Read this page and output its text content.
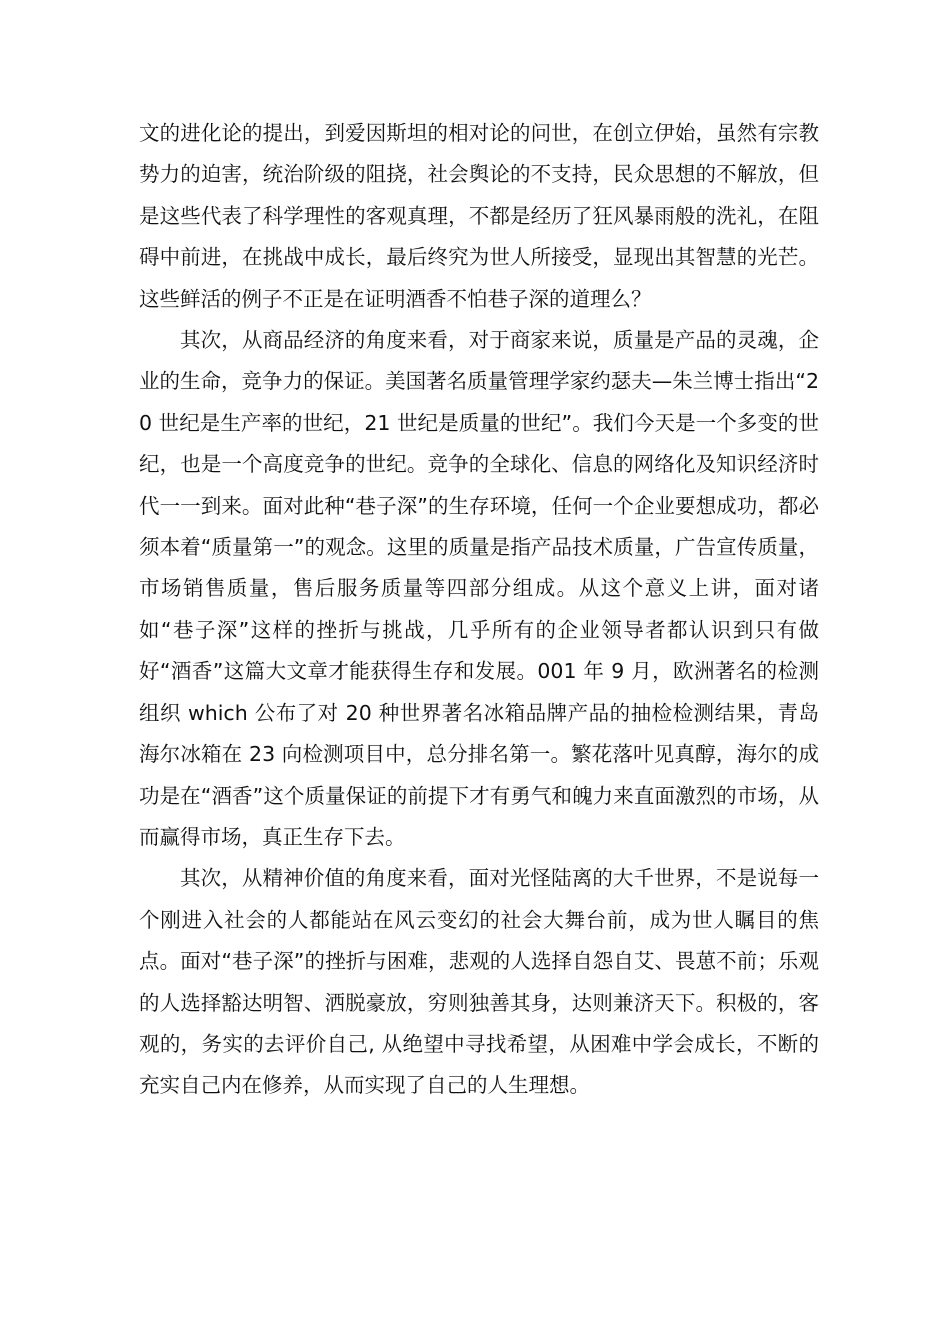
文的进化论的提出，到爱因斯坦的相对论的问世，在创立伊始，虽然有宗教势力的迫害，统治阶级的阻挠，社会舆论的不支持，民众思想的不解放，但是这些代表了科学理性的客观真理，不都是经历了狂风暴雨般的洗礼，在阻碍中前进，在挑战中成长，最后终究为世人所接受，显现出其智慧的光芒。这些鲜活的例子不正是在证明酒香不怕巷子深的道理么？

其次，从商品经济的角度来看，对于商家来说，质量是产品的灵魂，企业的生命，竞争力的保证。美国著名质量管理学家约瑟夫—朱兰博士指出“20 世纪是生产率的世纪，21 世纪是质量的世纪”。我们今天是一个多变的世纪，也是一个高度竞争的世纪。竞争的全球化、信息的网络化及知识经济时代一一到来。面对此种“巷子深”的生存环境，任何一个企业要想成功，都必须本着“质量第一”的观念。这里的质量是指产品技术质量，广告宣传质量，市场销售质量，售后服务质量等四部分组成。从这个意义上讲，面对诸如“巷子深”这样的挫折与挑战，几乎所有的企业领导者都认识到只有做好“酒香”这篇大文章才能获得生存和发展。001 年 9 月，欧洲著名的检测组织 which 公布了对 20 种世界著名冰箱品牌产品的抽检检测结果，青岛海尔冰箱在 23 向检测项目中，总分排名第一。繁花落叶见真醇，海尔的成功是在“酒香”这个质量保证的前提下才有勇气和魄力来直面激烈的市场，从而赢得市场，真正生存下去。

其次，从精神价值的角度来看，面对光怪陆离的大千世界，不是说每一个刚进入社会的人都能站在风云变幻的社会大舞台前，成为世人瞩目的焦点。面对“巷子深”的挫折与困难，悲观的人选择自怨自艾、畏葸不前；乐观的人选择豁达明智、洒脱豪放，穷则独善其身，达则兼济天下。积极的，客观的，务实的去评价自己, 从绝望中寻找希望，从困难中学会成长，不断的充实自己内在修养，从而实现了自己的人生理想。
